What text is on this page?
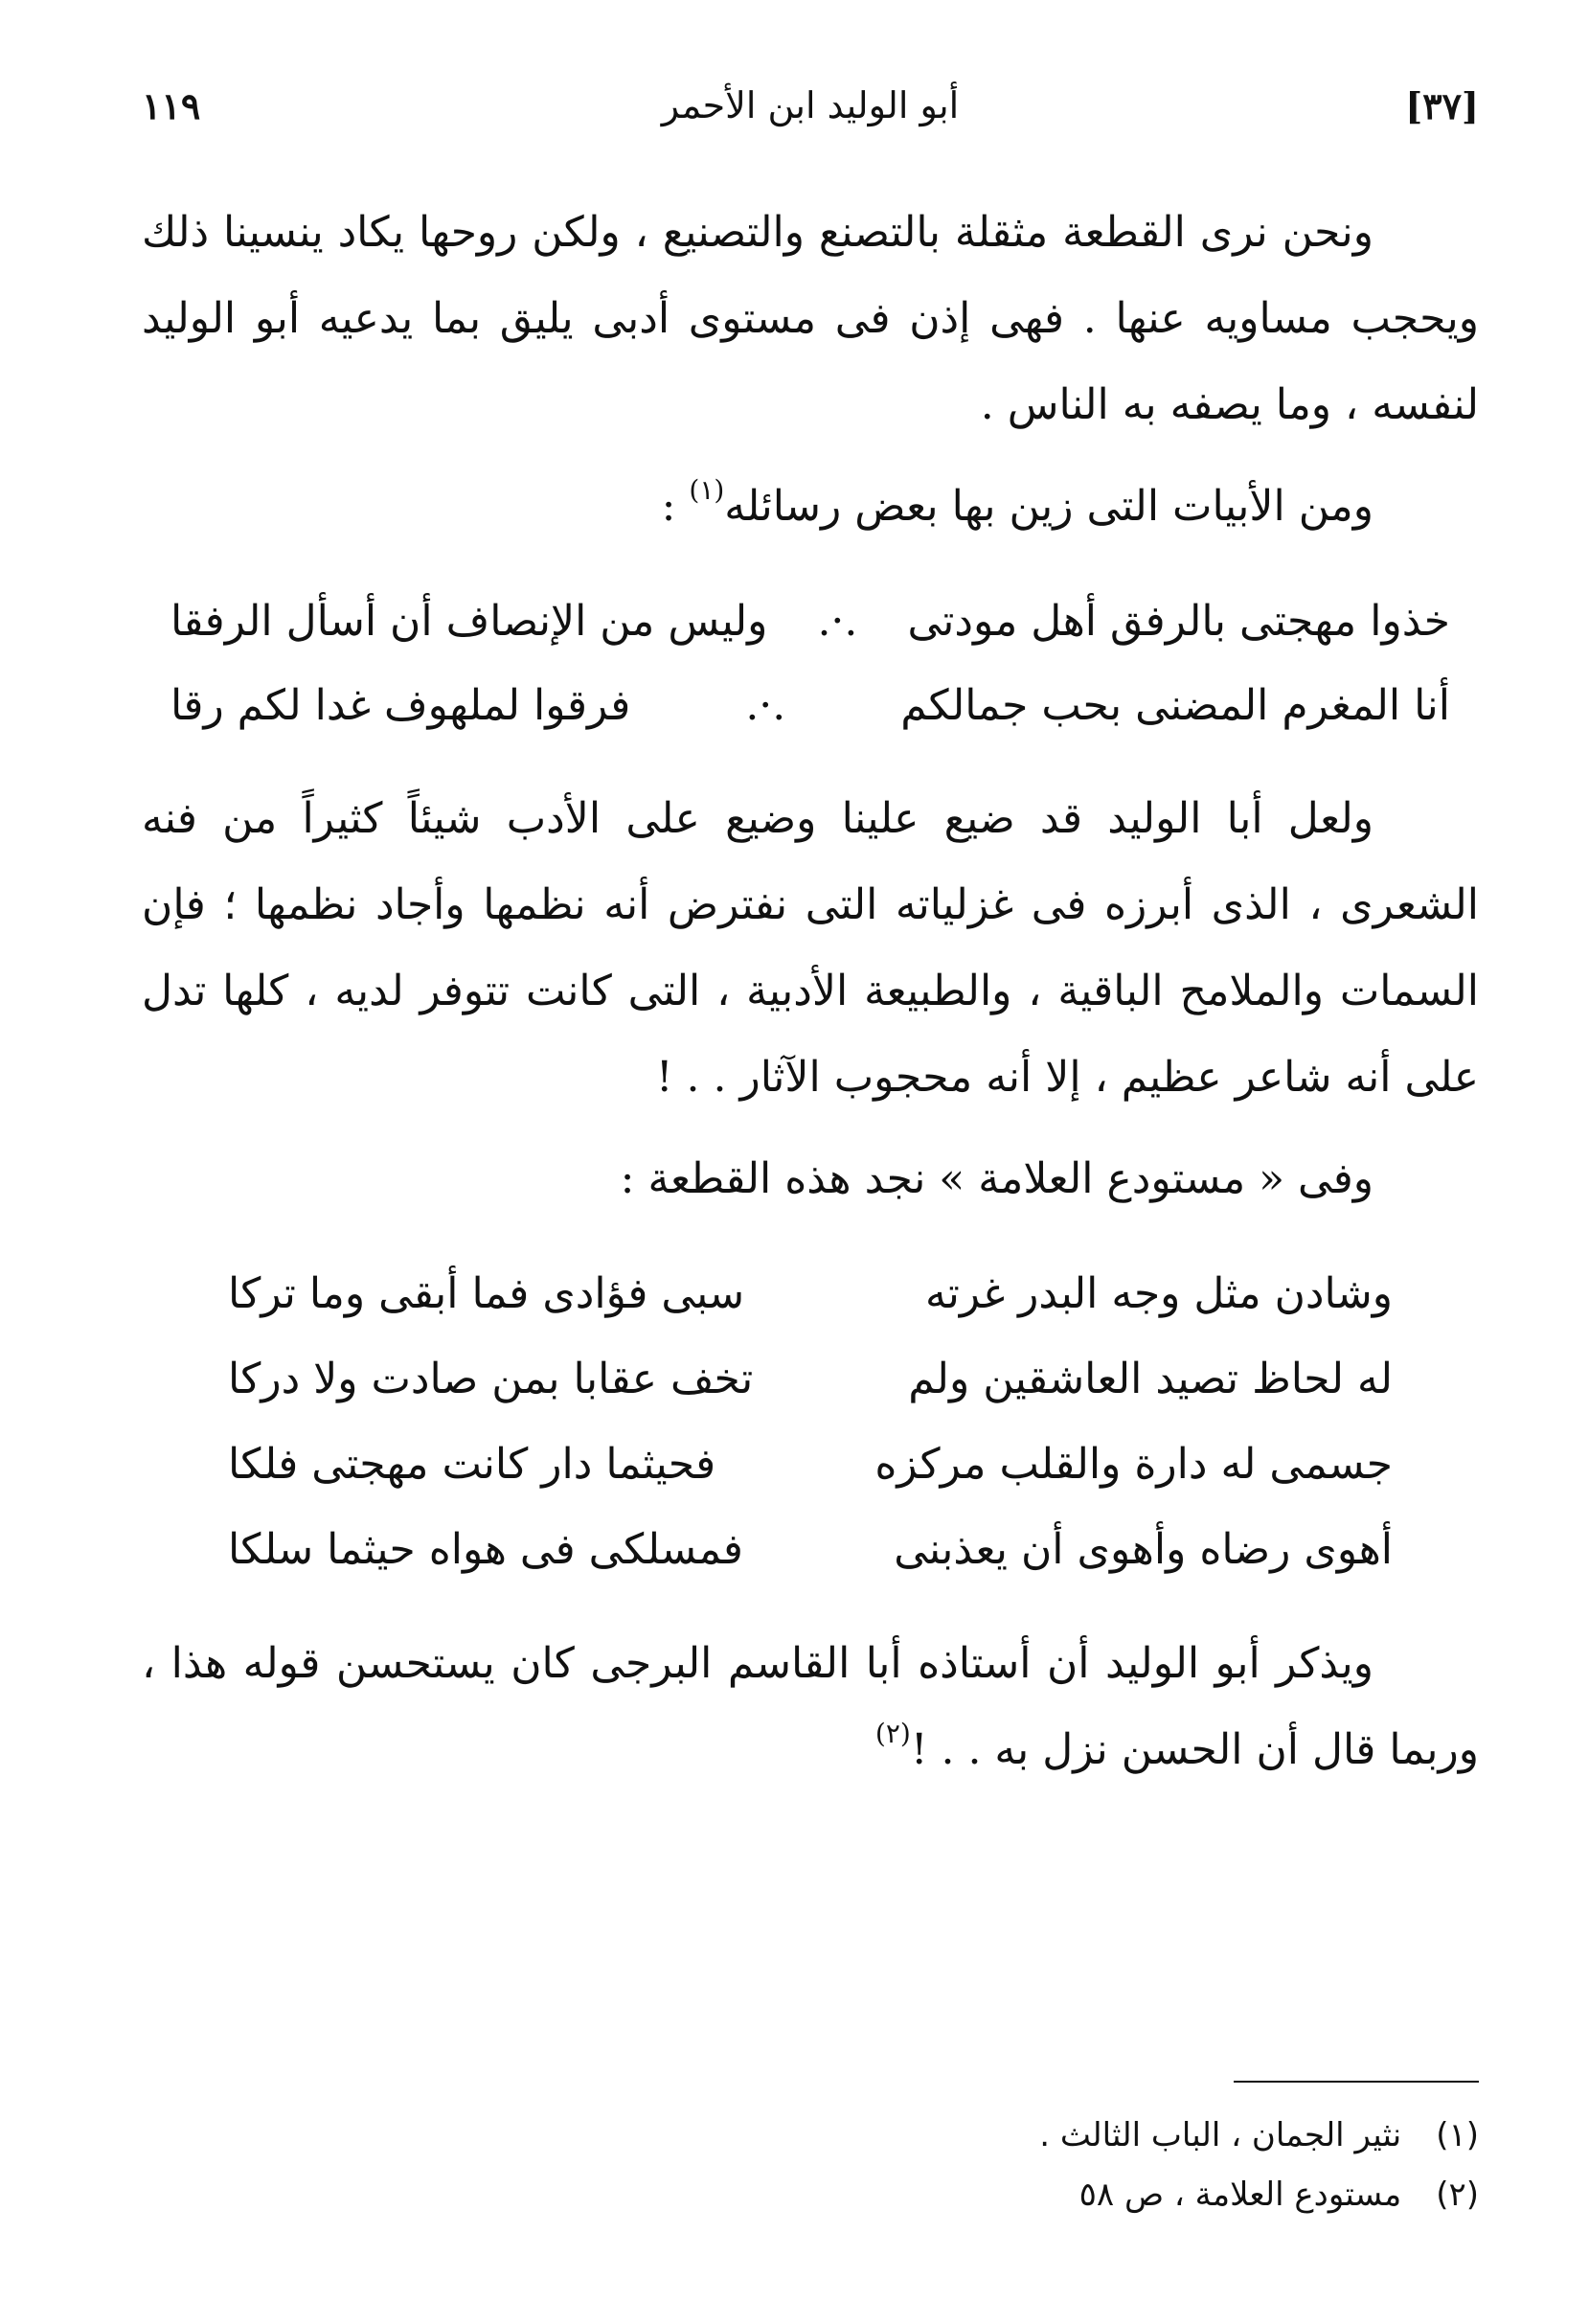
[٣٧]
أبو الوليد ابن الأحمر
١١٩

ونحن نرى القطعة مثقلة بالتصنع والتصنيع ، ولكن روحها يكاد ينسينا ذلك ويحجب مساويه عنها . فهى إذن فى مستوى أدبى يليق بما يدعيه أبو الوليد لنفسه ، وما يصفه به الناس .

ومن الأبيات التى زين بها بعض رسائله$^{(١)}$ :

خذوا مهجتى بالرفق أهل مودتى
.·.
وليس من الإنصاف أن أسأل الرفقا
أنا المغرم المضنى بحب جمالكم
.·.
فرقوا لملهوف غدا لكم رقا

ولعل أبا الوليد قد ضيع علينا وضيع على الأدب شيئاً كثيراً من فنه الشعرى ، الذى أبرزه فى غزلياته التى نفترض أنه نظمها وأجاد نظمها ؛ فإن السمات والملامح الباقية ، والطبيعة الأدبية ، التى كانت تتوفر لديه ، كلها تدل على أنه شاعر عظيم ، إلا أنه محجوب الآثار . . !

وفى « مستودع العلامة » نجد هذه القطعة :

وشادن مثل وجه البدر غرته
سبى فؤادى فما أبقى وما تركا
له لحاظ تصيد العاشقين ولم
تخف عقابا بمن صادت ولا دركا
جسمى له دارة والقلب مركزه
فحيثما دار كانت مهجتى فلكا
أهوى رضاه وأهوى أن يعذبنى
فمسلكى فى هواه حيثما سلكا

ويذكر أبو الوليد أن أستاذه أبا القاسم البرجى كان يستحسن قوله هذا ، وربما قال أن الحسن نزل به . . !$^{(٢)}$

(١) نثير الجمان ، الباب الثالث .
(٢) مستودع العلامة ، ص ٥٨
